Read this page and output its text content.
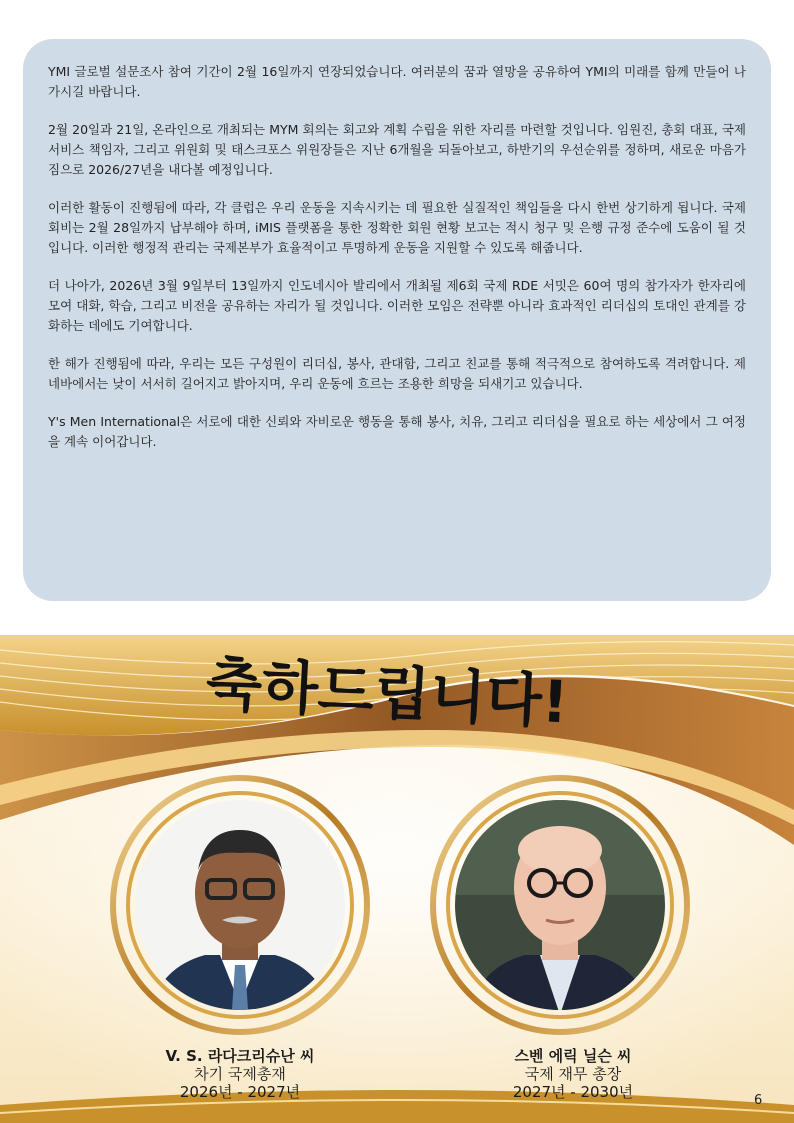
YMI 글로벌 설문조사 참여 기간이 2월 16일까지 연장되었습니다. 여러분의 꿈과 열망을 공유하여 YMI의 미래를 함께 만들어 나가시길 바랍니다.

2월 20일과 21일, 온라인으로 개최되는 MYM 회의는 회고와 계획 수립을 위한 자리를 마련할 것입니다. 임원진, 총회 대표, 국제 서비스 책임자, 그리고 위원회 및 태스크포스 위원장들은 지난 6개월을 되돌아보고, 하반기의 우선순위를 정하며, 새로운 마음가짐으로 2026/27년을 내다볼 예정입니다.

이러한 활동이 진행됨에 따라, 각 클럽은 우리 운동을 지속시키는 데 필요한 실질적인 책임들을 다시 한번 상기하게 됩니다. 국제회비는 2월 28일까지 납부해야 하며, iMIS 플랫폼을 통한 정확한 회원 현황 보고는 적시 청구 및 은행 규정 준수에 도움이 될 것입니다. 이러한 행정적 관리는 국제본부가 효율적이고 투명하게 운동을 지원할 수 있도록 해줍니다.

더 나아가, 2026년 3월 9일부터 13일까지 인도네시아 발리에서 개최될 제6회 국제 RDE 서밋은 60여 명의 참가자가 한자리에 모여 대화, 학습, 그리고 비전을 공유하는 자리가 될 것입니다. 이러한 모임은 전략뿐 아니라 효과적인 리더십의 토대인 관계를 강화하는 데에도 기여합니다.

한 해가 진행됨에 따라, 우리는 모든 구성원이 리더십, 봉사, 관대함, 그리고 친교를 통해 적극적으로 참여하도록 격려합니다. 제네바에서는 낮이 서서히 길어지고 밝아지며, 우리 운동에 흐르는 조용한 희망을 되새기고 있습니다.

Y's Men International은 서로에 대한 신뢰와 자비로운 행동을 통해 봉사, 치유, 그리고 리더십을 필요로 하는 세상에서 그 여정을 계속 이어갑니다.

축하드립니다!
V. S. 라다크리슈난 씨
차기 국제총재
2026년 - 2027년
스벤 에릭 닐슨 씨
국제 재무 총장
2027년 - 2030년	6
